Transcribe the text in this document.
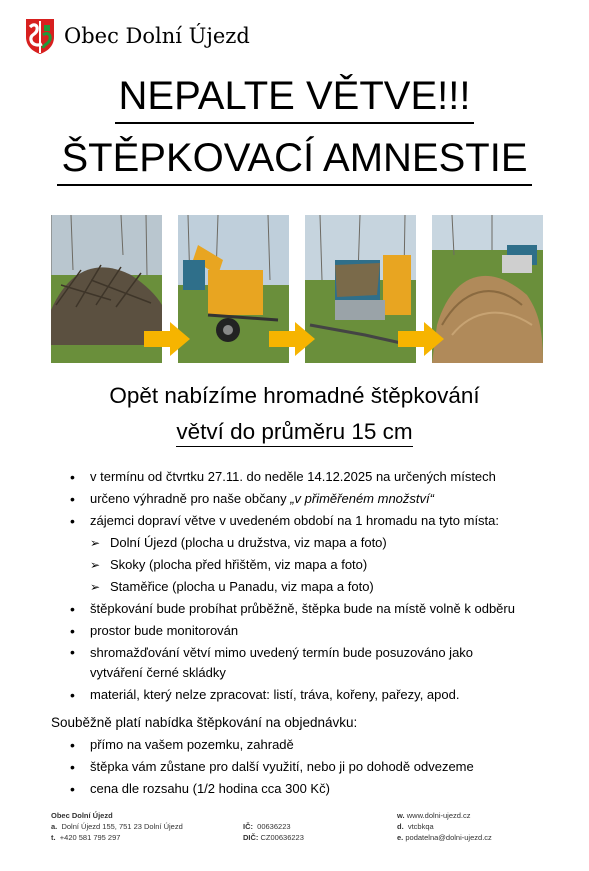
Obec Dolní Újezd
NEPALTE VĚTVE!!!
ŠTĚPKOVACÍ AMNESTIE
Opět nabízíme hromadné štěpkování
větví do průměru 15 cm
• v termínu od čtvrtku 27.11. do neděle 14.12.2025 na určených místech
• určeno výhradně pro naše občany „v přiměřeném množství“
• zájemci dopraví větve v uvedeném období na 1 hromadu na tyto místa:
➢ Dolní Újezd (plocha u družstva, viz mapa a foto)
➢ Skoky (plocha před hřištěm, viz mapa a foto)
➢ Staměřice (plocha u Panadu, viz mapa a foto)
• štěpkování bude probíhat průběžně, štěpka bude na místě volně k odběru
• prostor bude monitorován
• shromažďování větví mimo uvedený termín bude posuzováno jako
vytváření černé skládky
• materiál, který nelze zpracovat: listí, tráva, kořeny, pařezy, apod.
Souběžně platí nabídka štěpkování na objednávku:
• přímo na vašem pozemku, zahradě
• štěpka vám zůstane pro další využití, nebo ji po dohodě odvezeme
• cena dle rozsahu (1/2 hodina cca 300 Kč)
Obec Dolní Újezd
a. Dolní Újezd 155, 751 23 Dolní Újezd
t. +420 581 795 297
IČ: 00636223
DIČ: CZ00636223
w. www.dolni-ujezd.cz
d. vtcbkqa
e. podatelna@dolni-ujezd.cz
